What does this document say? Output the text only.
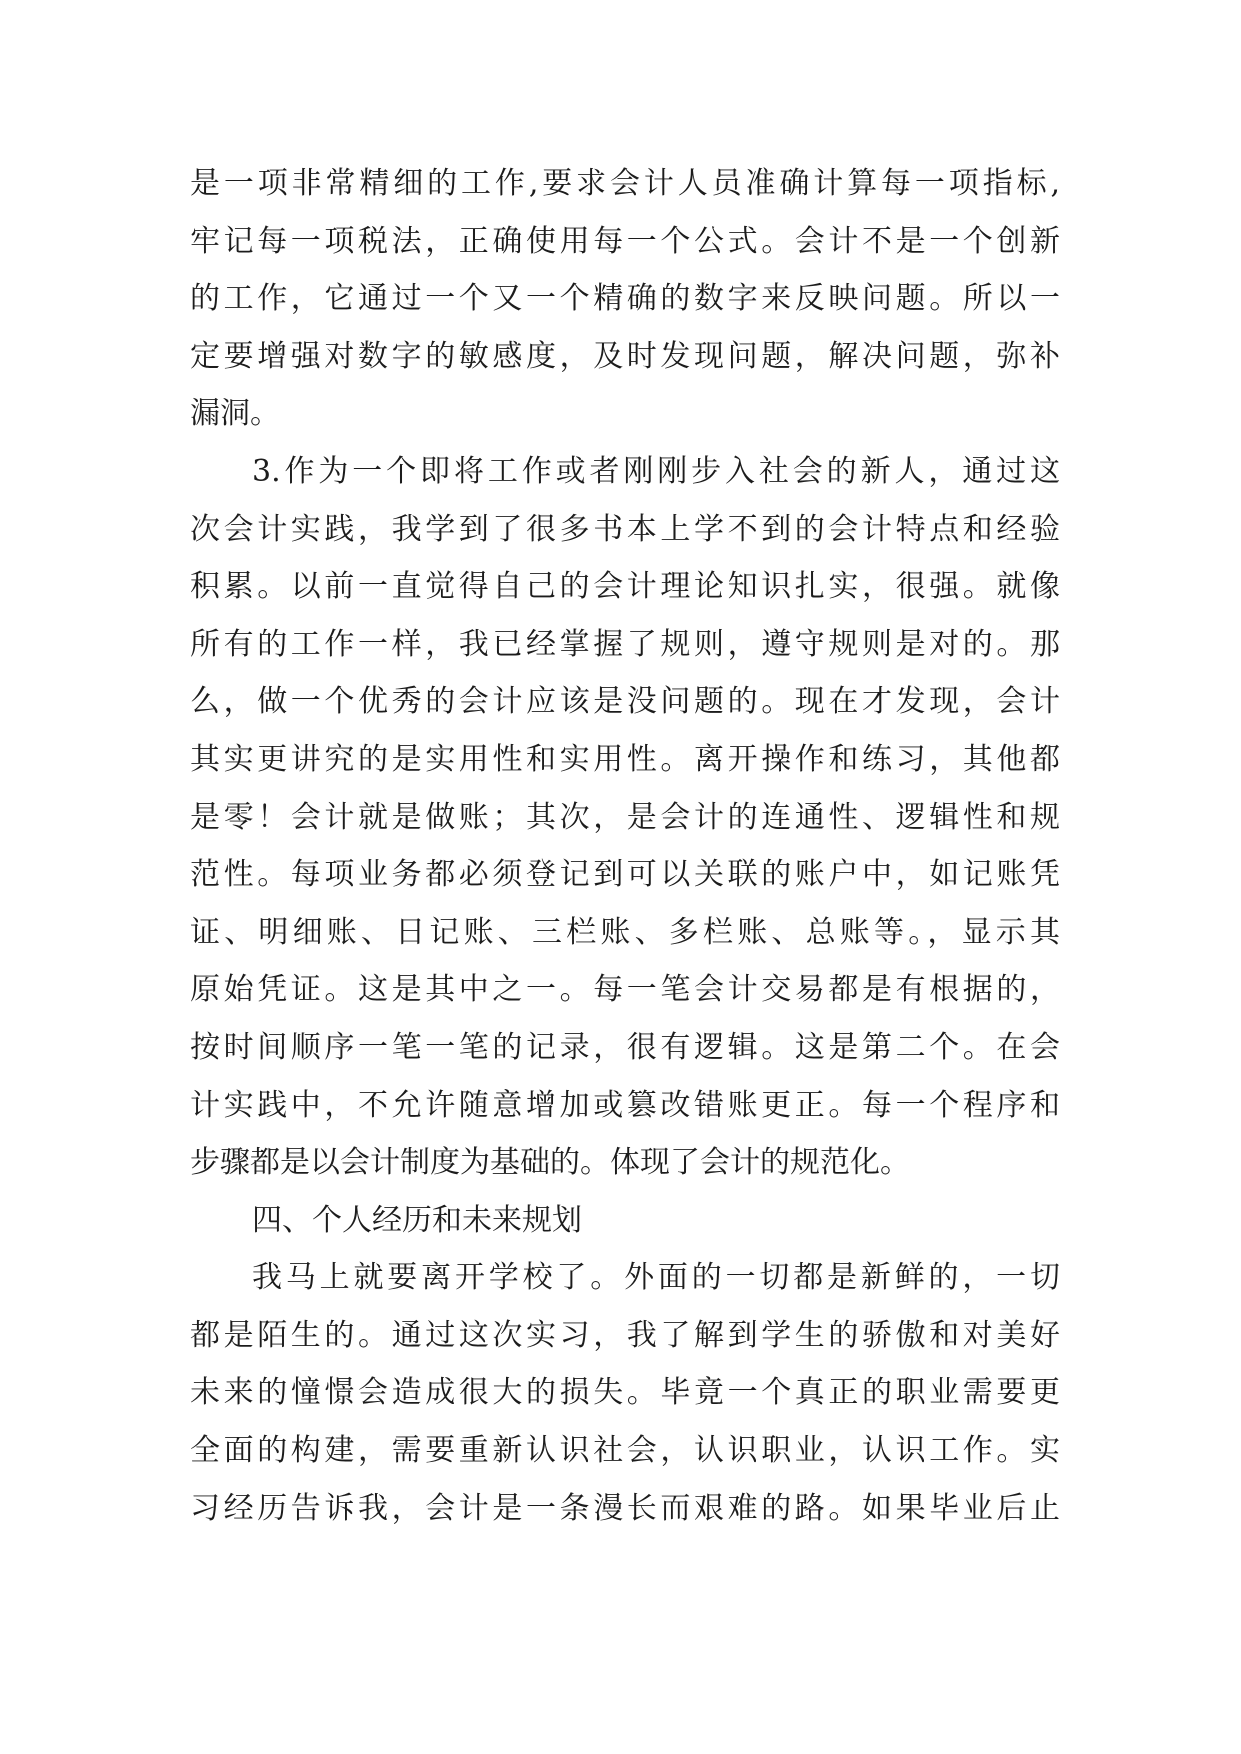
是一项非常精细的工作,要求会计人员准确计算每一项指标,
牢记每一项税法，正确使用每一个公式。会计不是一个创新
的工作，它通过一个又一个精确的数字来反映问题。所以一
定要增强对数字的敏感度，及时发现问题，解决问题，弥补
漏洞。
3.作为一个即将工作或者刚刚步入社会的新人，通过这
次会计实践，我学到了很多书本上学不到的会计特点和经验
积累。以前一直觉得自己的会计理论知识扎实，很强。就像
所有的工作一样，我已经掌握了规则，遵守规则是对的。那
么，做一个优秀的会计应该是没问题的。现在才发现，会计
其实更讲究的是实用性和实用性。离开操作和练习，其他都
是零！会计就是做账；其次，是会计的连通性、逻辑性和规
范性。每项业务都必须登记到可以关联的账户中，如记账凭
证、明细账、日记账、三栏账、多栏账、总账等。，显示其
原始凭证。这是其中之一。每一笔会计交易都是有根据的，
按时间顺序一笔一笔的记录，很有逻辑。这是第二个。在会
计实践中，不允许随意增加或篡改错账更正。每一个程序和
步骤都是以会计制度为基础的。体现了会计的规范化。
四、个人经历和未来规划
我马上就要离开学校了。外面的一切都是新鲜的，一切
都是陌生的。通过这次实习，我了解到学生的骄傲和对美好
未来的憧憬会造成很大的损失。毕竟一个真正的职业需要更
全面的构建，需要重新认识社会，认识职业，认识工作。实
习经历告诉我，会计是一条漫长而艰难的路。如果毕业后止
